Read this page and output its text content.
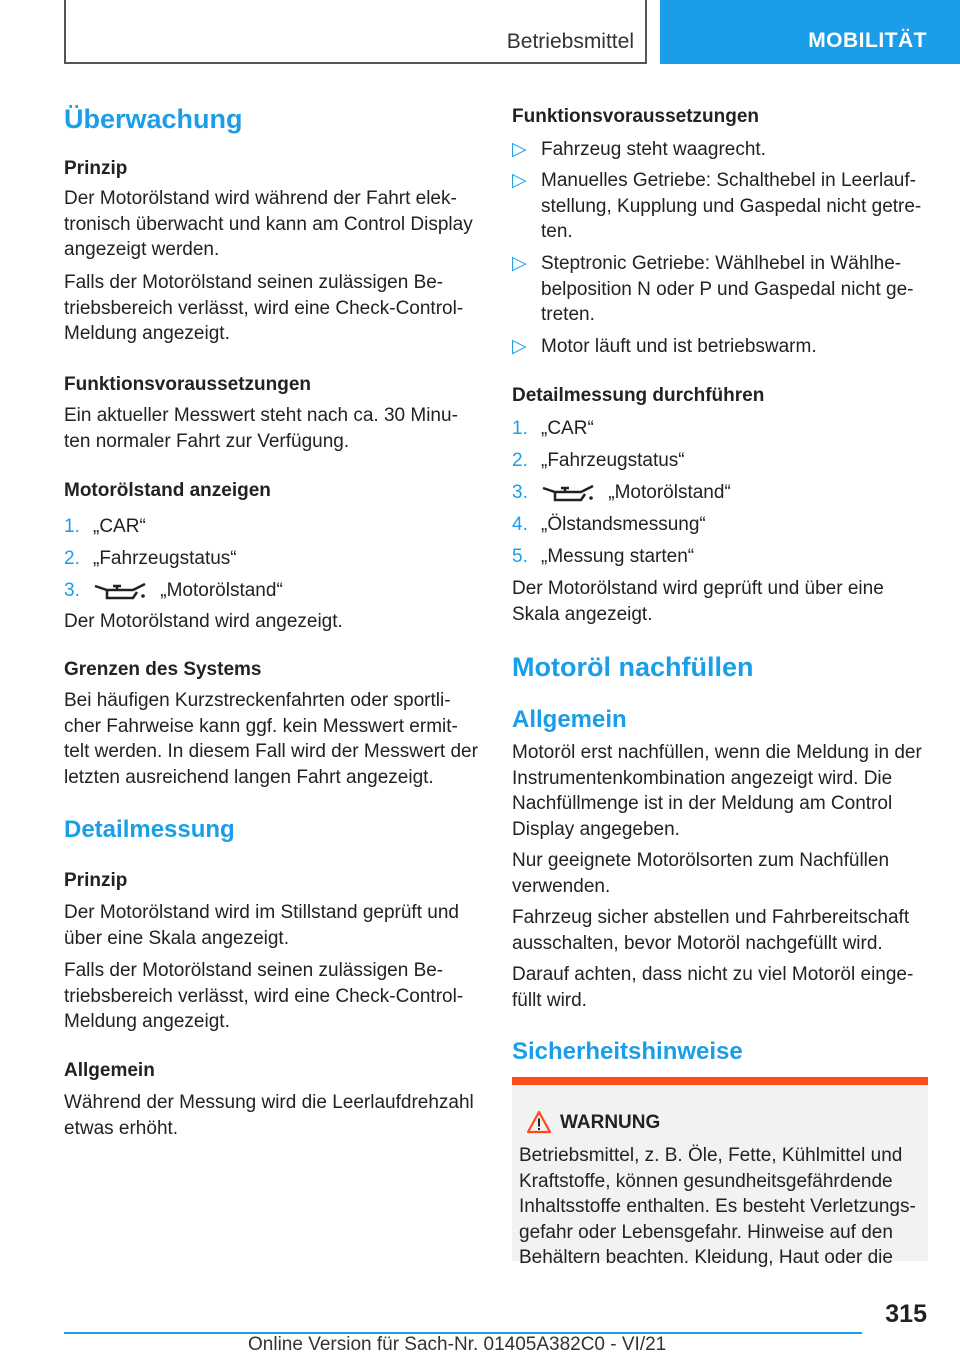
Betriebsmittel	MOBILITÄT
Überwachung
Prinzip
Der Motorölstand wird während der Fahrt elek-tronisch überwacht und kann am Control Display angezeigt werden.
Falls der Motorölstand seinen zulässigen Be-triebsbereich verlässt, wird eine Check-Control-Meldung angezeigt.
Funktionsvoraussetzungen
Ein aktueller Messwert steht nach ca. 30 Minu-ten normaler Fahrt zur Verfügung.
Motorölstand anzeigen
1. „CAR“
2. „Fahrzeugstatus“
3.	„Motorölstand“
Der Motorölstand wird angezeigt.
Grenzen des Systems
Bei häufigen Kurzstreckenfahrten oder sportli-cher Fahrweise kann ggf. kein Messwert ermit-telt werden. In diesem Fall wird der Messwert der letzten ausreichend langen Fahrt angezeigt.
Detailmessung
Prinzip
Der Motorölstand wird im Stillstand geprüft und über eine Skala angezeigt.
Falls der Motorölstand seinen zulässigen Be-triebsbereich verlässt, wird eine Check-Control-Meldung angezeigt.
Allgemein
Während der Messung wird die Leerlaufdrehzahl etwas erhöht.
Funktionsvoraussetzungen
▷ Fahrzeug steht waagrecht.
▷ Manuelles Getriebe: Schalthebel in Leerlauf-stellung, Kupplung und Gaspedal nicht getre-ten.
▷ Steptronic Getriebe: Wählhebel in Wählhe-belposition N oder P und Gaspedal nicht ge-treten.
▷ Motor läuft und ist betriebswarm.
Detailmessung durchführen
1. „CAR“
2. „Fahrzeugstatus“
3.	„Motorölstand“
4. „Ölstandsmessung“
5. „Messung starten“
Der Motorölstand wird geprüft und über eine Skala angezeigt.
Motoröl nachfüllen
Allgemein
Motoröl erst nachfüllen, wenn die Meldung in der Instrumentenkombination angezeigt wird. Die Nachfüllmenge ist in der Meldung am Control Display angegeben.
Nur geeignete Motorölsorten zum Nachfüllen verwenden.
Fahrzeug sicher abstellen und Fahrbereitschaft ausschalten, bevor Motoröl nachgefüllt wird.
Darauf achten, dass nicht zu viel Motoröl einge-füllt wird.
Sicherheitshinweise
WARNUNG
Betriebsmittel, z. B. Öle, Fette, Kühlmittel und Kraftstoffe, können gesundheitsgefährdende Inhaltsstoffe enthalten. Es besteht Verletzungs-gefahr oder Lebensgefahr. Hinweise auf den Behältern beachten. Kleidung, Haut oder die
315
Online Version für Sach-Nr. 01405A382C0 - VI/21
